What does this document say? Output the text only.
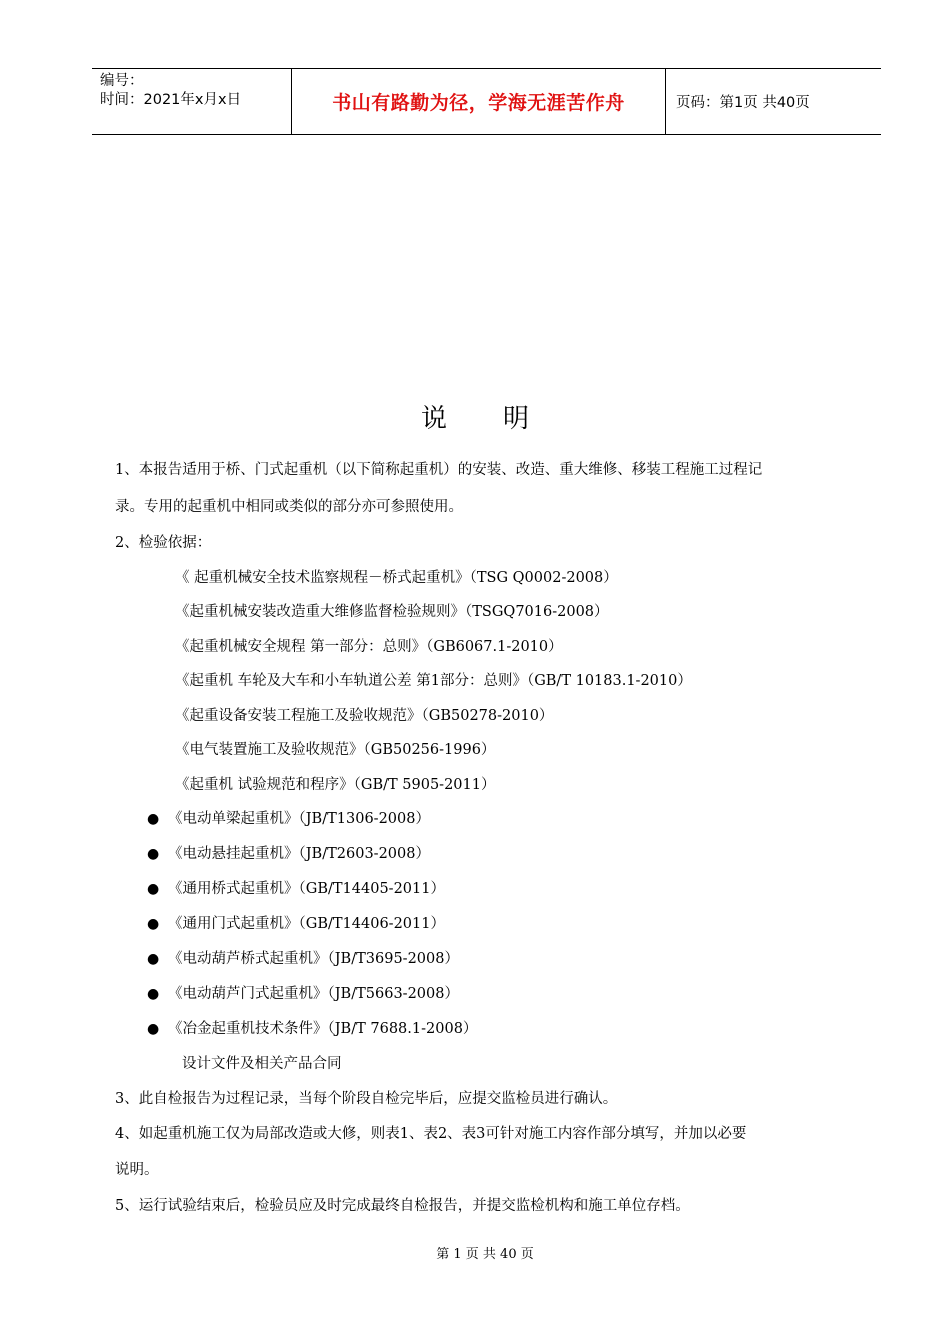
编号：
时间：2021年x月x日	书山有路勤为径，学海无涯苦作舟	页码：第1页 共40页
说明
1、本报告适用于桥、门式起重机（以下简称起重机）的安装、改造、重大维修、移装工程施工过程记
录。专用的起重机中相同或类似的部分亦可参照使用。
2、检验依据：
《 起重机械安全技术监察规程－桥式起重机》（TSG Q0002-2008）
《起重机械安装改造重大维修监督检验规则》（TSGQ7016-2008）
《起重机械安全规程 第一部分：总则》（GB6067.1-2010）
《起重机 车轮及大车和小车轨道公差 第1部分：总则》（GB/T 10183.1-2010）
《起重设备安装工程施工及验收规范》（GB50278-2010）
《电气装置施工及验收规范》（GB50256-1996）
《起重机 试验规范和程序》（GB/T 5905-2011）
● 《电动单梁起重机》（JB/T1306-2008）
● 《电动悬挂起重机》（JB/T2603-2008）
● 《通用桥式起重机》（GB/T14405-2011）
● 《通用门式起重机》（GB/T14406-2011）
● 《电动葫芦桥式起重机》（JB/T3695-2008）
● 《电动葫芦门式起重机》（JB/T5663-2008）
● 《冶金起重机技术条件》（JB/T 7688.1-2008）
设计文件及相关产品合同
3、此自检报告为过程记录，当每个阶段自检完毕后，应提交监检员进行确认。
4、如起重机施工仅为局部改造或大修，则表1、表2、表3可针对施工内容作部分填写，并加以必要
说明。
5、运行试验结束后，检验员应及时完成最终自检报告，并提交监检机构和施工单位存档。
第 1 页 共 40 页
